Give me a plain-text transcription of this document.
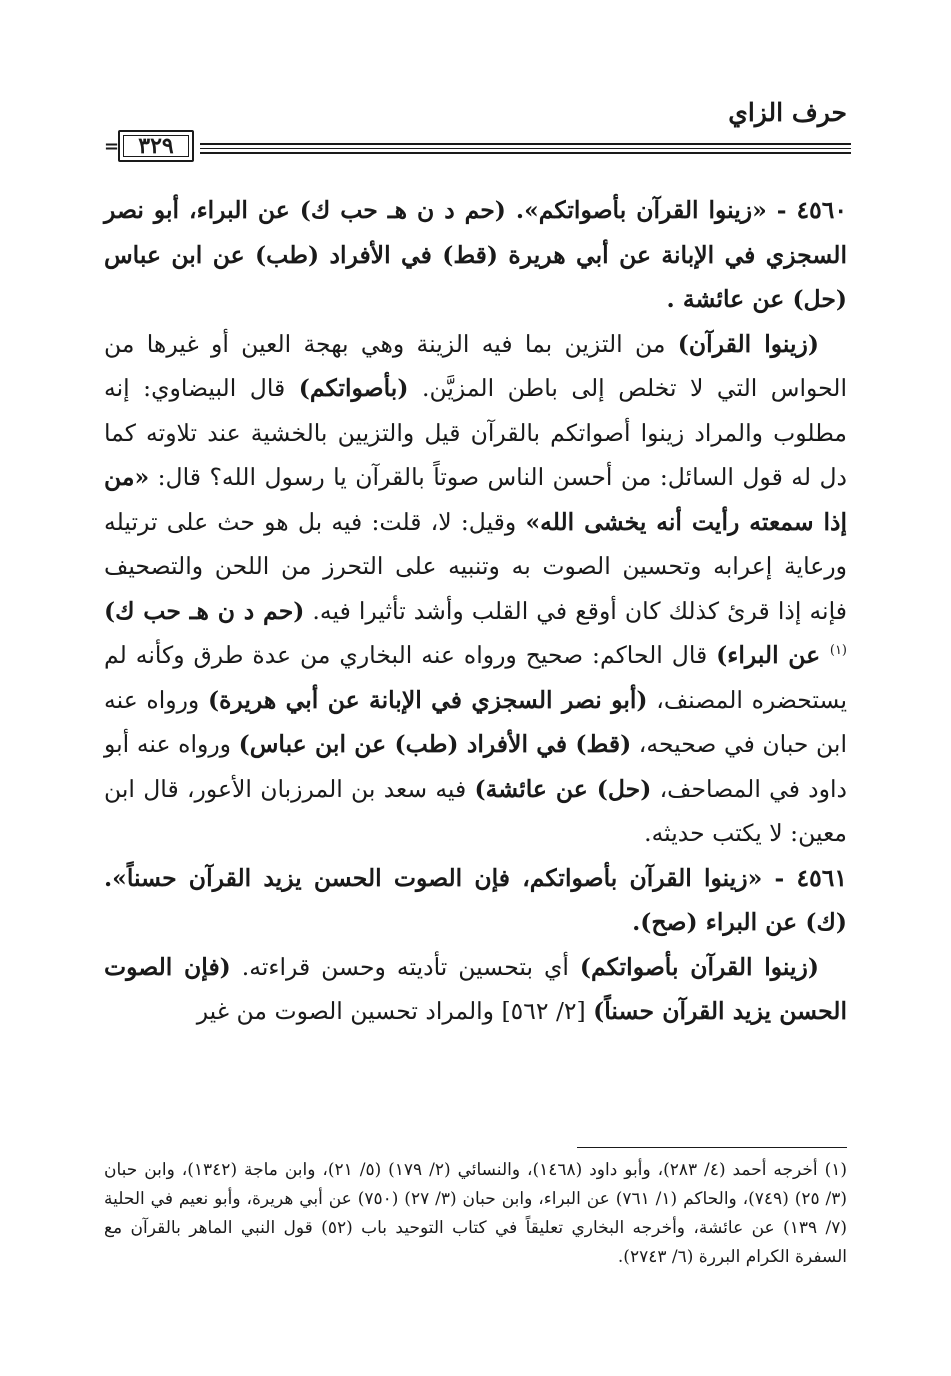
حرف الزاي
٣٢٩
=

٤٥٦٠ - «زينوا القرآن بأصواتكم». (حم د ن هـ حب ك) عن البراء، أبو نصر السجزي في الإبانة عن أبي هريرة (قط) في الأفراد (طب) عن ابن عباس (حل) عن عائشة .

(زينوا القرآن) من التزين بما فيه الزينة وهي بهجة العين أو غيرها من الحواس التي لا تخلص إلى باطن المزيَّن. (بأصواتكم) قال البيضاوي: إنه مطلوب والمراد زينوا أصواتكم بالقرآن قيل والتزيين بالخشية عند تلاوته كما دل له قول السائل: من أحسن الناس صوتاً بالقرآن يا رسول الله؟ قال: «من إذا سمعته رأيت أنه يخشى الله» وقيل: لا، قلت: فيه بل هو حث على ترتيله ورعاية إعرابه وتحسين الصوت به وتنبيه على التحرز من اللحن والتصحيف فإنه إذا قرئ كذلك كان أوقع في القلب وأشد تأثيرا فيه. (حم د ن هـ حب ك)$^{(١)}$ عن البراء) قال الحاكم: صحيح ورواه عنه البخاري من عدة طرق وكأنه لم يستحضره المصنف، (أبو نصر السجزي في الإبانة عن أبي هريرة) ورواه عنه ابن حبان في صحيحه، (قط) في الأفراد (طب) عن ابن عباس) ورواه عنه أبو داود في المصاحف، (حل) عن عائشة) فيه سعد بن المرزبان الأعور، قال ابن معين: لا يكتب حديثه.

٤٥٦١ - «زينوا القرآن بأصواتكم، فإن الصوت الحسن يزيد القرآن حسناً». (ك) عن البراء (صح).

(زينوا القرآن بأصواتكم) أي بتحسين تأديته وحسن قراءته. (فإن الصوت الحسن يزيد القرآن حسناً) [٢/ ٥٦٢] والمراد تحسين الصوت من غير

(١) أخرجه أحمد (٤/ ٢٨٣)، وأبو داود (١٤٦٨)، والنسائي (٢/ ١٧٩) (٥/ ٢١)، وابن ماجة (١٣٤٢)، وابن حبان (٣/ ٢٥) (٧٤٩)، والحاكم (١/ ٧٦١) عن البراء، وابن حبان (٣/ ٢٧) (٧٥٠) عن أبي هريرة، وأبو نعيم في الحلية (٧/ ١٣٩) عن عائشة، وأخرجه البخاري تعليقاً في كتاب التوحيد باب (٥٢) قول النبي الماهر بالقرآن مع السفرة الكرام البررة (٦/ ٢٧٤٣).
